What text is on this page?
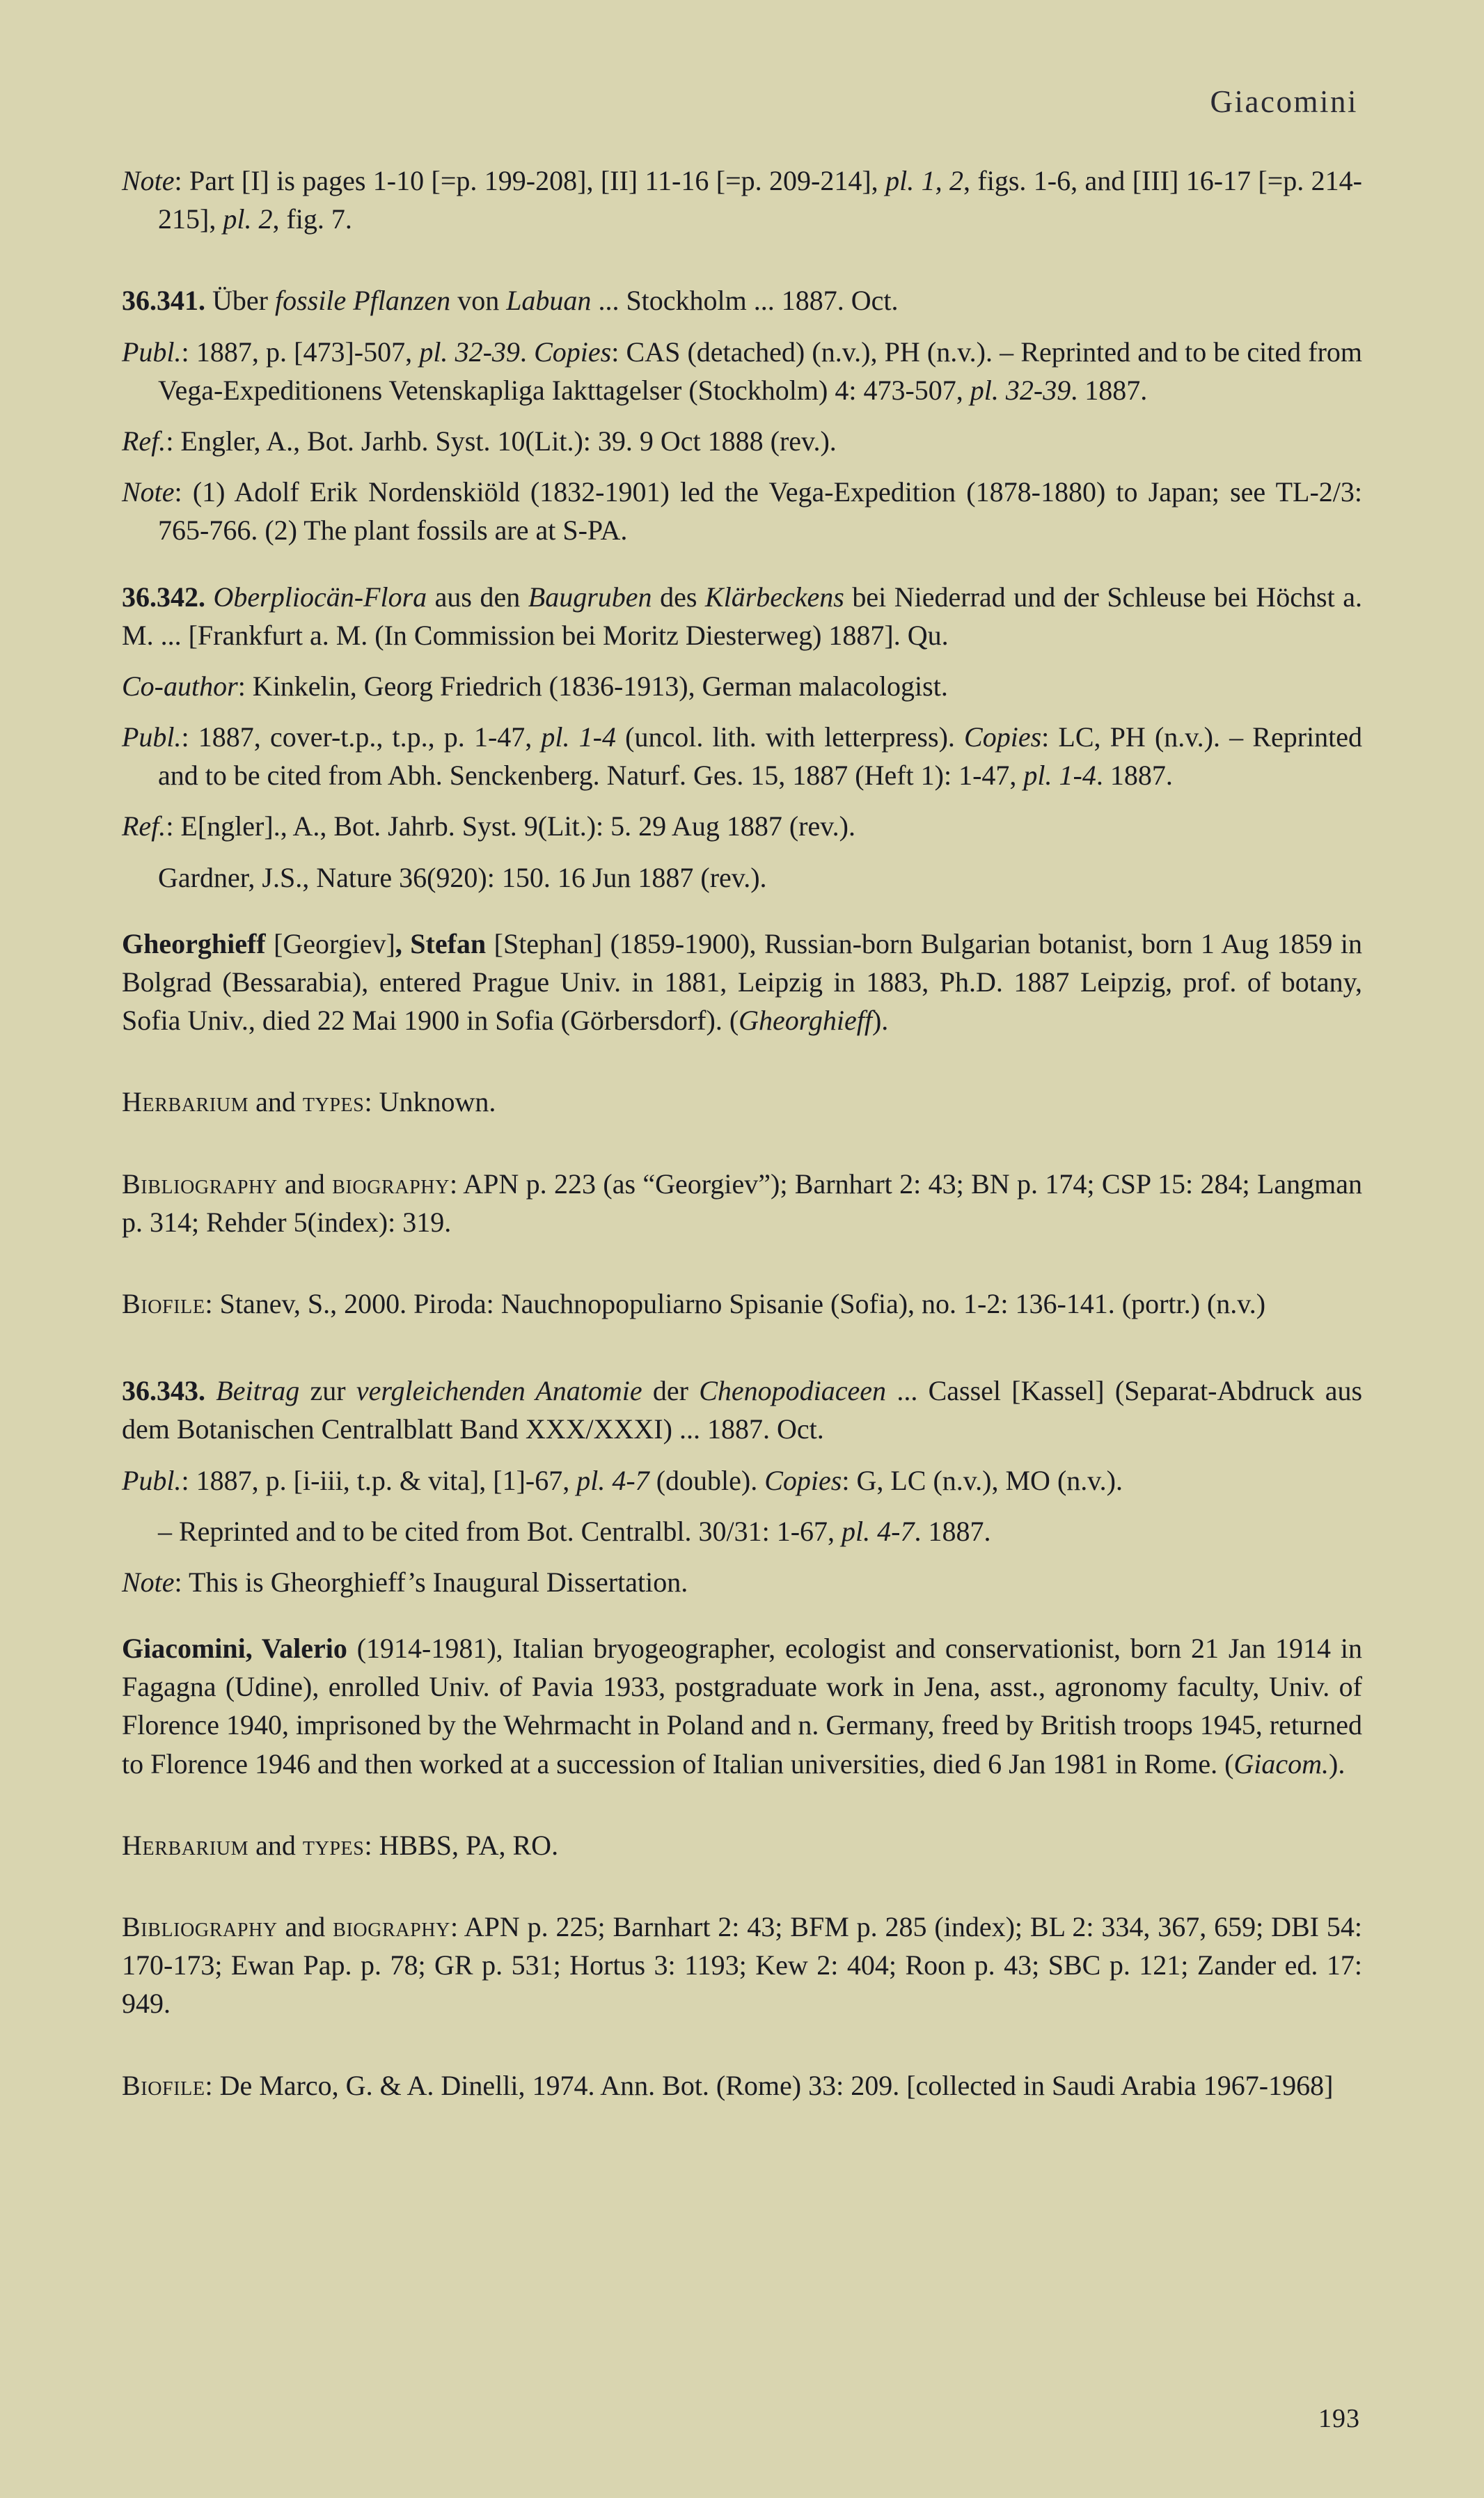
Giacomini

Note: Part [I] is pages 1-10 [=p. 199-208], [II] 11-16 [=p. 209-214], pl. 1, 2, figs. 1-6, and [III] 16-17 [=p. 214-215], pl. 2, fig. 7.

36.341. Über fossile Pflanzen von Labuan ... Stockholm ... 1887. Oct.

Publ.: 1887, p. [473]-507, pl. 32-39. Copies: CAS (detached) (n.v.), PH (n.v.). – Reprinted and to be cited from Vega-Expeditionens Vetenskapliga Iakttagelser (Stockholm) 4: 473-507, pl. 32-39. 1887.

Ref.: Engler, A., Bot. Jarhb. Syst. 10(Lit.): 39. 9 Oct 1888 (rev.).

Note: (1) Adolf Erik Nordenskiöld (1832-1901) led the Vega-Expedition (1878-1880) to Japan; see TL-2/3: 765-766. (2) The plant fossils are at S-PA.

36.342. Oberpliocän-Flora aus den Baugruben des Klärbeckens bei Niederrad und der Schleuse bei Höchst a. M. ... [Frankfurt a. M. (In Commission bei Moritz Diesterweg) 1887]. Qu.

Co-author: Kinkelin, Georg Friedrich (1836-1913), German malacologist.

Publ.: 1887, cover-t.p., t.p., p. 1-47, pl. 1-4 (uncol. lith. with letterpress). Copies: LC, PH (n.v.). – Reprinted and to be cited from Abh. Senckenberg. Naturf. Ges. 15, 1887 (Heft 1): 1-47, pl. 1-4. 1887.

Ref.: E[ngler]., A., Bot. Jahrb. Syst. 9(Lit.): 5. 29 Aug 1887 (rev.).

Gardner, J.S., Nature 36(920): 150. 16 Jun 1887 (rev.).

Gheorghieff [Georgiev], Stefan [Stephan] (1859-1900), Russian-born Bulgarian botanist, born 1 Aug 1859 in Bolgrad (Bessarabia), entered Prague Univ. in 1881, Leipzig in 1883, Ph.D. 1887 Leipzig, prof. of botany, Sofia Univ., died 22 Mai 1900 in Sofia (Görbersdorf). (Gheorghieff).

Herbarium and types: Unknown.

Bibliography and biography: APN p. 223 (as “Georgiev”); Barnhart 2: 43; BN p. 174; CSP 15: 284; Langman p. 314; Rehder 5(index): 319.

Biofile: Stanev, S., 2000. Piroda: Nauchnopopuliarno Spisanie (Sofia), no. 1-2: 136-141. (portr.) (n.v.)

36.343. Beitrag zur vergleichenden Anatomie der Chenopodiaceen ... Cassel [Kassel] (Separat-Abdruck aus dem Botanischen Centralblatt Band XXX/XXXI) ... 1887. Oct.

Publ.: 1887, p. [i-iii, t.p. & vita], [1]-67, pl. 4-7 (double). Copies: G, LC (n.v.), MO (n.v.).

– Reprinted and to be cited from Bot. Centralbl. 30/31: 1-67, pl. 4-7. 1887.

Note: This is Gheorghieff’s Inaugural Dissertation.

Giacomini, Valerio (1914-1981), Italian bryogeographer, ecologist and conservationist, born 21 Jan 1914 in Fagagna (Udine), enrolled Univ. of Pavia 1933, postgraduate work in Jena, asst., agronomy faculty, Univ. of Florence 1940, imprisoned by the Wehrmacht in Poland and n. Germany, freed by British troops 1945, returned to Florence 1946 and then worked at a succession of Italian universities, died 6 Jan 1981 in Rome. (Giacom.).

Herbarium and types: HBBS, PA, RO.

Bibliography and biography: APN p. 225; Barnhart 2: 43; BFM p. 285 (index); BL 2: 334, 367, 659; DBI 54: 170-173; Ewan Pap. p. 78; GR p. 531; Hortus 3: 1193; Kew 2: 404; Roon p. 43; SBC p. 121; Zander ed. 17: 949.

Biofile: De Marco, G. & A. Dinelli, 1974. Ann. Bot. (Rome) 33: 209. [collected in Saudi Arabia 1967-1968]

193
